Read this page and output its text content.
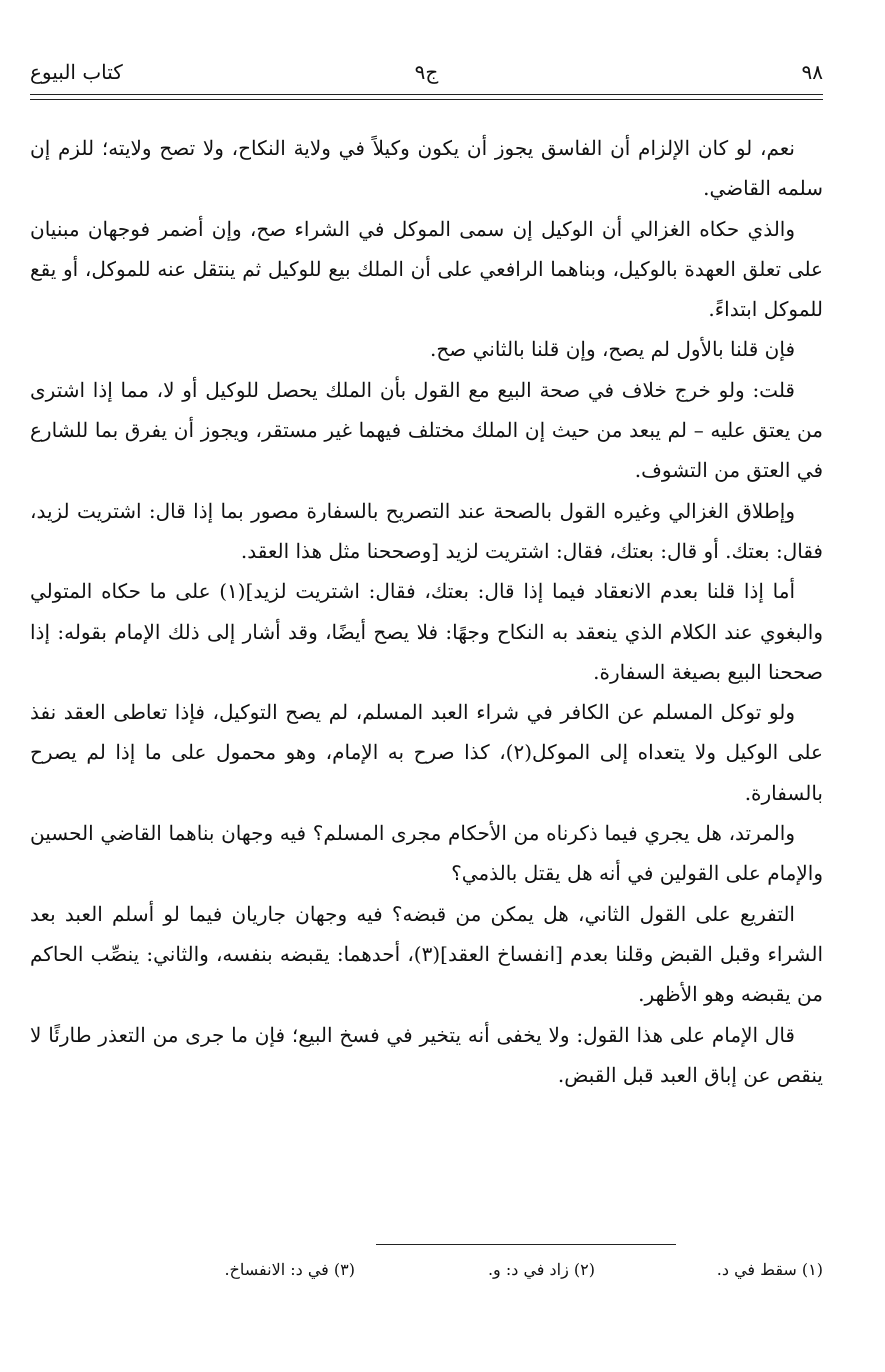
٩٨
ج٩
كتاب البيوع

نعم، لو كان الإلزام أن الفاسق يجوز أن يكون وكيلاً في ولاية النكاح، ولا تصح ولايته؛ للزم إن سلمه القاضي.

والذي حكاه الغزالي أن الوكيل إن سمى الموكل في الشراء صح، وإن أضمر فوجهان مبنيان على تعلق العهدة بالوكيل، وبناهما الرافعي على أن الملك بيع للوكيل ثم ينتقل عنه للموكل، أو يقع للموكل ابتداءً.

فإن قلنا بالأول لم يصح، وإن قلنا بالثاني صح.

قلت: ولو خرج خلاف في صحة البيع مع القول بأن الملك يحصل للوكيل أو لا، مما إذا اشترى من يعتق عليه – لم يبعد من حيث إن الملك مختلف فيهما غير مستقر، ويجوز أن يفرق بما للشارع في العتق من التشوف.

وإطلاق الغزالي وغيره القول بالصحة عند التصريح بالسفارة مصور بما إذا قال: اشتريت لزيد، فقال: بعتك. أو قال: بعتك، فقال: اشتريت لزيد [وصححنا مثل هذا العقد.

أما إذا قلنا بعدم الانعقاد فيما إذا قال: بعتك، فقال: اشتريت لزيد](١) على ما حكاه المتولي والبغوي عند الكلام الذي ينعقد به النكاح وجهًا: فلا يصح أيضًا، وقد أشار إلى ذلك الإمام بقوله: إذا صححنا البيع بصيغة السفارة.

ولو توكل المسلم عن الكافر في شراء العبد المسلم، لم يصح التوكيل، فإذا تعاطى العقد نفذ على الوكيل ولا يتعداه إلى الموكل(٢)، كذا صرح به الإمام، وهو محمول على ما إذا لم يصرح بالسفارة.

والمرتد، هل يجري فيما ذكرناه من الأحكام مجرى المسلم؟ فيه وجهان بناهما القاضي الحسين والإمام على القولين في أنه هل يقتل بالذمي؟

التفريع على القول الثاني، هل يمكن من قبضه؟ فيه وجهان جاريان فيما لو أسلم العبد بعد الشراء وقبل القبض وقلنا بعدم [انفساخ العقد](٣)، أحدهما: يقبضه بنفسه، والثاني: ينصِّب الحاكم من يقبضه وهو الأظهر.

قال الإمام على هذا القول: ولا يخفى أنه يتخير في فسخ البيع؛ فإن ما جرى من التعذر طارئًا لا ينقص عن إباق العبد قبل القبض.

(١) سقط في د.
(٢) زاد في د: و.
(٣) في د: الانفساخ.
